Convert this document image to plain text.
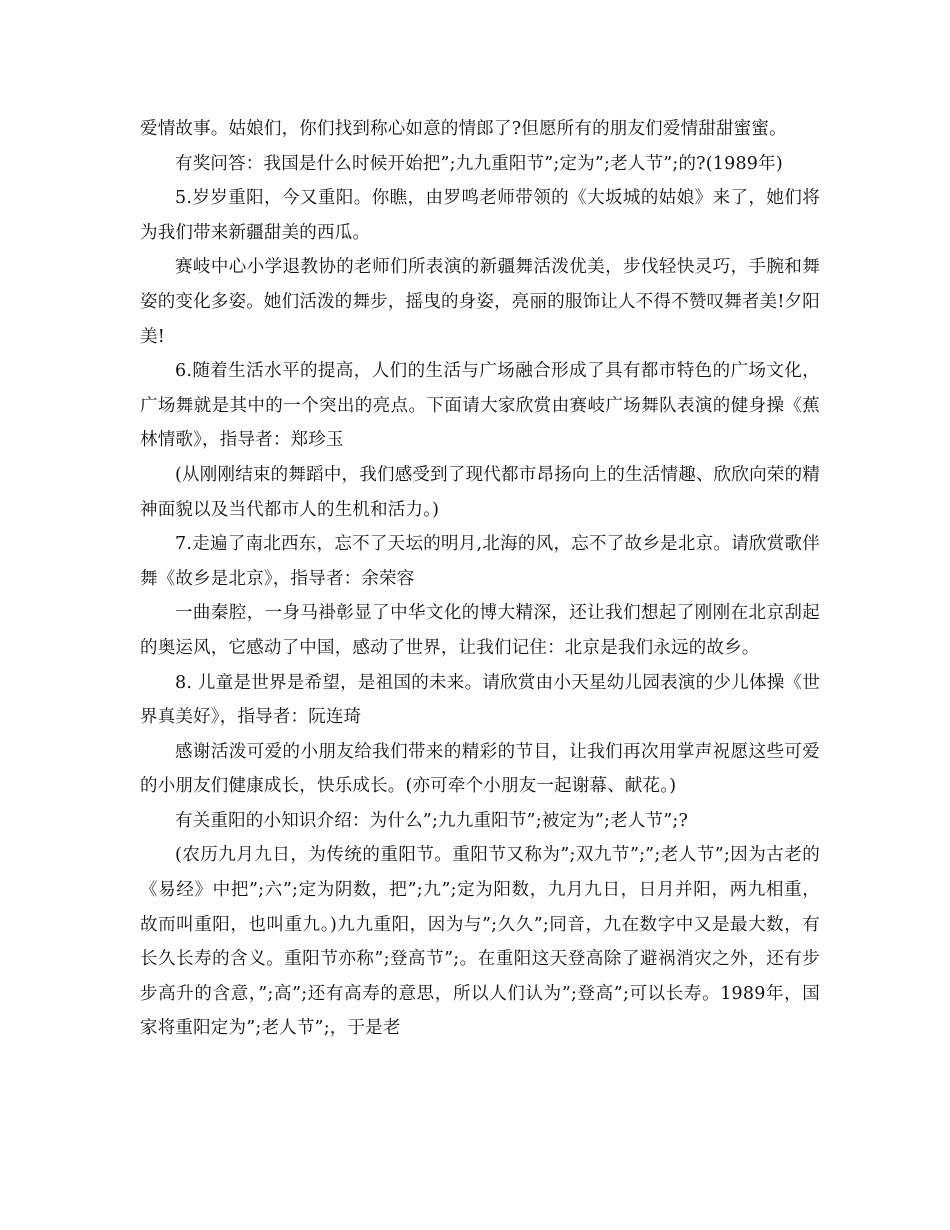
爱情故事。姑娘们，你们找到称心如意的情郎了?但愿所有的朋友们爱情甜甜蜜蜜。

有奖问答：我国是什么时候开始把”;九九重阳节”;定为”;老人节”;的?(1989年)

5.岁岁重阳，今又重阳。你瞧，由罗鸣老师带领的《大坂城的姑娘》来了，她们将为我们带来新疆甜美的西瓜。

赛岐中心小学退教协的老师们所表演的新疆舞活泼优美，步伐轻快灵巧，手腕和舞姿的变化多姿。她们活泼的舞步，摇曳的身姿，亮丽的服饰让人不得不赞叹舞者美!夕阳美!

6.随着生活水平的提高，人们的生活与广场融合形成了具有都市特色的广场文化，广场舞就是其中的一个突出的亮点。下面请大家欣赏由赛岐广场舞队表演的健身操《蕉林情歌》，指导者：郑珍玉

(从刚刚结束的舞蹈中，我们感受到了现代都市昂扬向上的生活情趣、欣欣向荣的精神面貌以及当代都市人的生机和活力。)

7.走遍了南北西东，忘不了天坛的明月,北海的风，忘不了故乡是北京。请欣赏歌伴舞《故乡是北京》，指导者：余荣容

一曲秦腔，一身马褂彰显了中华文化的博大精深，还让我们想起了刚刚在北京刮起的奥运风，它感动了中国，感动了世界，让我们记住：北京是我们永远的故乡。

8. 儿童是世界是希望，是祖国的未来。请欣赏由小天星幼儿园表演的少儿体操《世界真美好》，指导者：阮连琦

感谢活泼可爱的小朋友给我们带来的精彩的节目，让我们再次用掌声祝愿这些可爱的小朋友们健康成长，快乐成长。(亦可牵个小朋友一起谢幕、献花。)

有关重阳的小知识介绍：为什么”;九九重阳节”;被定为”;老人节”;?

(农历九月九日，为传统的重阳节。重阳节又称为”;双九节”;”;老人节”;因为古老的《易经》中把”;六”;定为阴数，把”;九”;定为阳数，九月九日，日月并阳，两九相重，故而叫重阳，也叫重九。)九九重阳，因为与”;久久”;同音，九在数字中又是最大数，有长久长寿的含义。重阳节亦称”;登高节”;。在重阳这天登高除了避祸消灾之外，还有步步高升的含意，”;高”;还有高寿的意思，所以人们认为”;登高”;可以长寿。1989年，国家将重阳定为”;老人节”;，于是老
